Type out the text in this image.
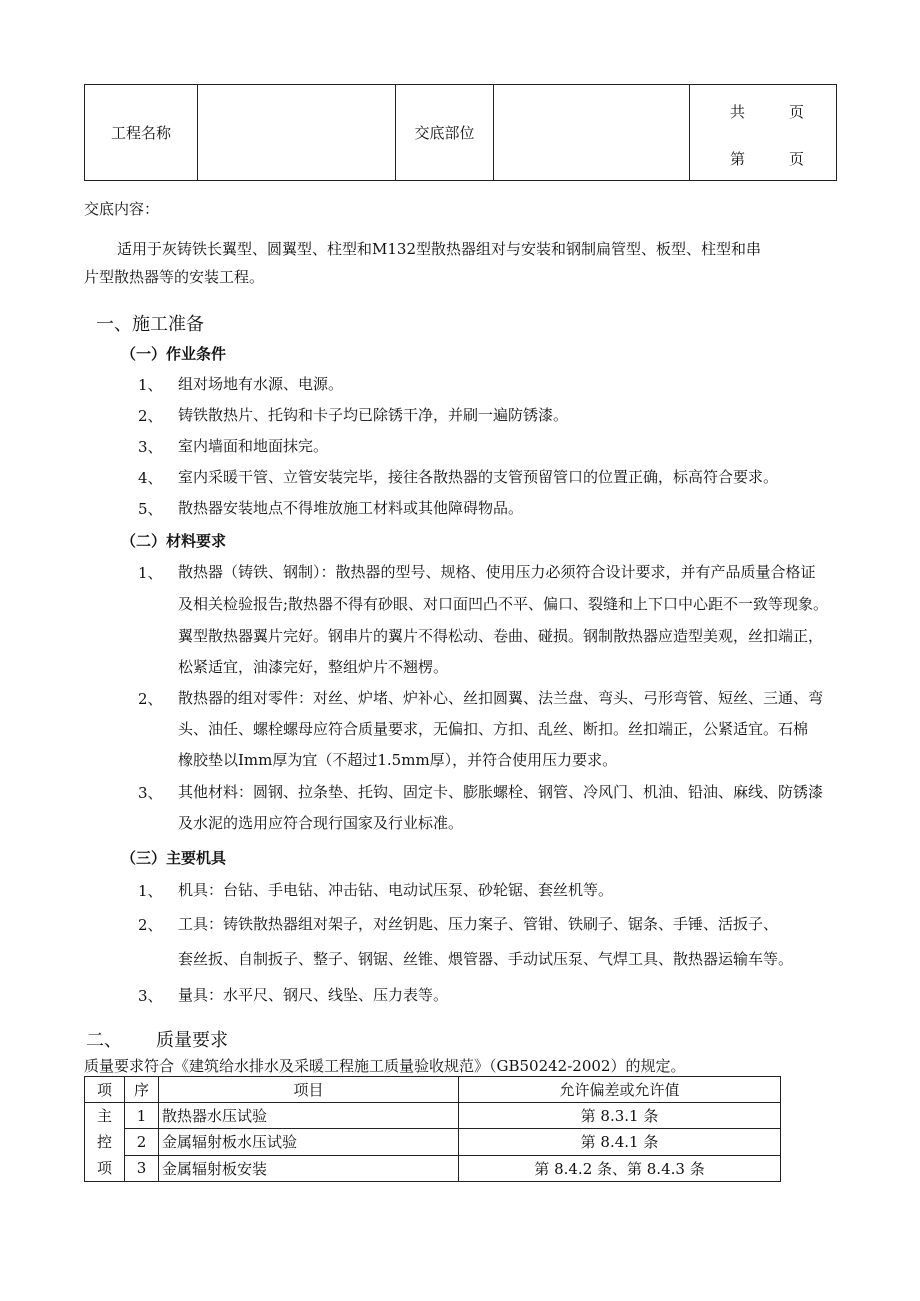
工程名称		交底部位		
共	页
第	页
交底内容：
适用于灰铸铁长翼型、圆翼型、柱型和M132型散热器组对与安装和钢制扁管型、板型、柱型和串
片型散热器等的安装工程。
一、施工准备
（一）作业条件
1、 组对场地有水源、电源。
2、 铸铁散热片、托钩和卡子均已除锈干净，并刷一遍防锈漆。
3、 室内墙面和地面抹完。
4、 室内采暖干管、立管安装完毕，接往各散热器的支管预留管口的位置正确，标高符合要求。
5、 散热器安装地点不得堆放施工材料或其他障碍物品。
（二）材料要求
1、 散热器（铸铁、钢制）：散热器的型号、规格、使用压力必须符合设计要求，并有产品质量合格证
及相关检验报告;散热器不得有砂眼、对口面凹凸不平、偏口、裂缝和上下口中心距不一致等现象。
翼型散热器翼片完好。钢串片的翼片不得松动、卷曲、碰损。钢制散热器应造型美观，丝扣端正，
松紧适宜，油漆完好，整组炉片不翘楞。
2、 散热器的组对零件：对丝、炉堵、炉补心、丝扣圆翼、法兰盘、弯头、弓形弯管、短丝、三通、弯
头、油任、螺栓螺母应符合质量要求，无偏扣、方扣、乱丝、断扣。丝扣端正，公紧适宜。石棉
橡胶垫以Imm厚为宜（不超过1.5mm厚），并符合使用压力要求。
3、 其他材料：圆钢、拉条垫、托钩、固定卡、膨胀螺栓、钢管、冷风门、机油、铅油、麻线、防锈漆
及水泥的选用应符合现行国家及行业标准。
（三）主要机具
1、 机具：台钻、手电钻、冲击钻、电动试压泵、砂轮锯、套丝机等。
2、 工具：铸铁散热器组对架子，对丝钥匙、压力案子、管钳、铁刷子、锯条、手锤、活扳子、
套丝扳、自制扳子、整子、钢锯、丝锥、煨管器、手动试压泵、气焊工具、散热器运输车等。
3、 量具：水平尺、钢尺、线坠、压力表等。
二、 质量要求
质量要求符合《建筑给水排水及采暖工程施工质量验收规范》（GB50242-2002）的规定。
项	序	项目	允许偏差或允许值

主
控
项	1	散热器水压试验	第 8.3.1 条
	2	金属辐射板水压试验	第 8.4.1 条
	3	金属辐射板安装	第 8.4.2 条、第 8.4.3 条
